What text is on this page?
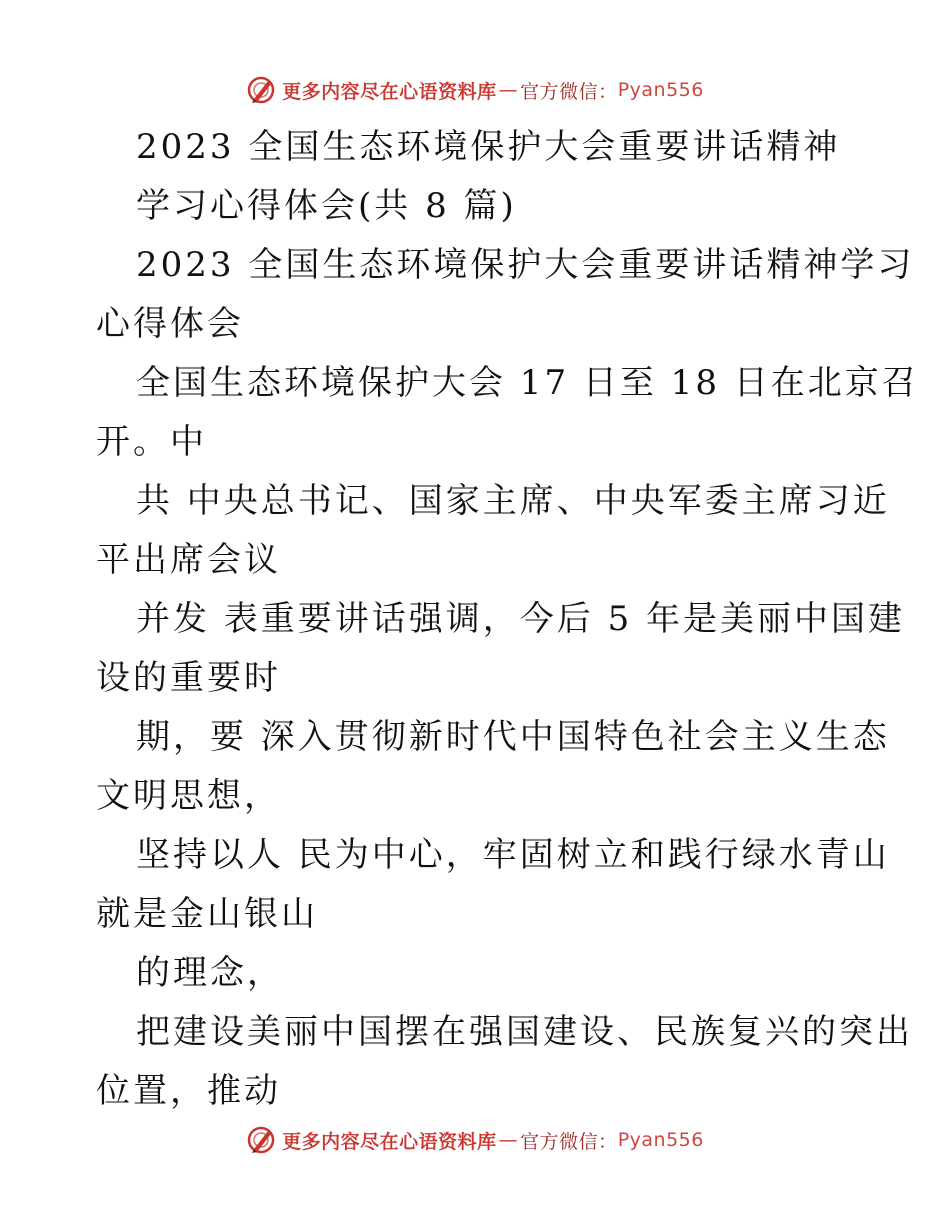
更多内容尽在心语资料库 — 官方微信： Pyan556
2023 全国生态环境保护大会重要讲话精神
学习心得体会(共 8 篇)
2023 全国生态环境保护大会重要讲话精神学习
心得体会
全国生态环境保护大会 17 日至 18 日在北京召
开。中
共 中央总书记、国家主席、中央军委主席习近
平出席会议
并发 表重要讲话强调，今后 5 年是美丽中国建
设的重要时
期，要 深入贯彻新时代中国特色社会主义生态
文明思想，
坚持以人 民为中心，牢固树立和践行绿水青山
就是金山银山
的理念，
把建设美丽中国摆在强国建设、民族复兴的突出
位置，推动
更多内容尽在心语资料库 — 官方微信： Pyan556
